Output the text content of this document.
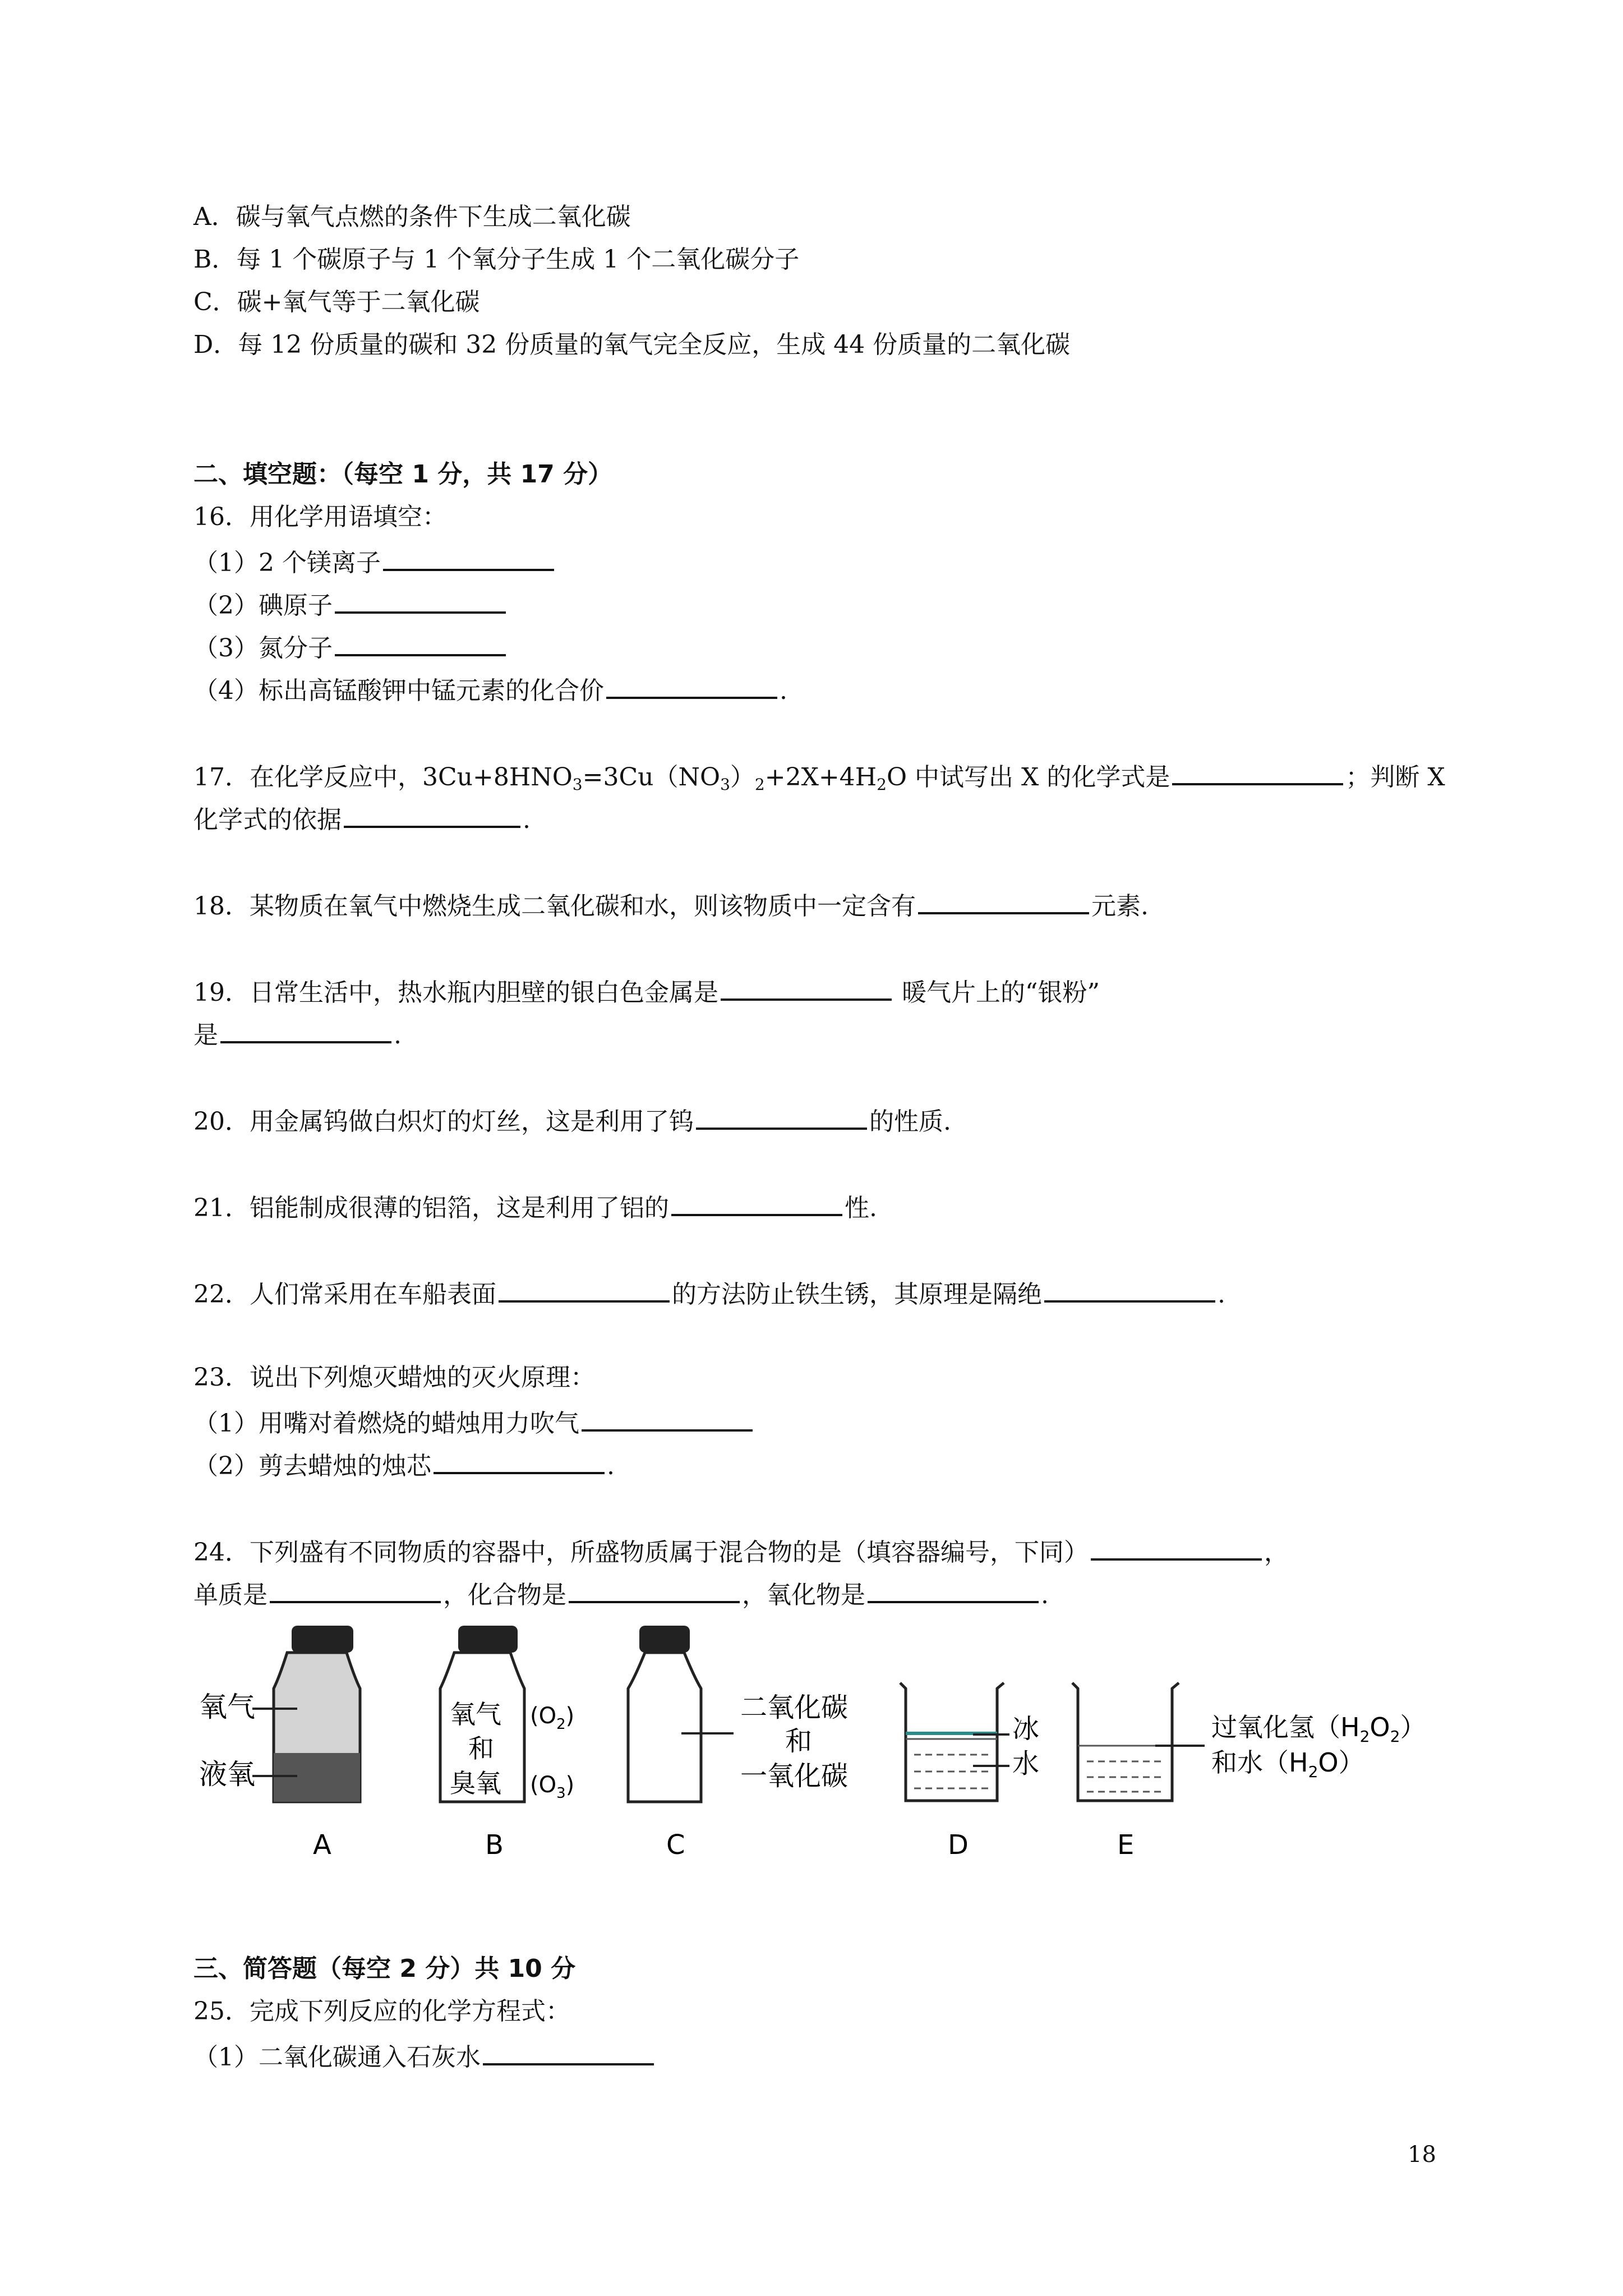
A．碳与氧气点燃的条件下生成二氧化碳
B．每 1 个碳原子与 1 个氧分子生成 1 个二氧化碳分子
C．碳+氧气等于二氧化碳
D．每 12 份质量的碳和 32 份质量的氧气完全反应，生成 44 份质量的二氧化碳
二、填空题：（每空 1 分，共 17 分）
16．用化学用语填空：
（1）2 个镁离子
（2）碘原子
（3）氮分子
（4）标出高锰酸钾中锰元素的化合价	.
17．在化学反应中，$3Cu+8HNO_3=3Cu(NO_3)_2+2X+4H_2O$ 中试写出 X 的化学式是	；判断 X
化学式的依据	.
18．某物质在氧气中燃烧生成二氧化碳和水，则该物质中一定含有	元素.
19．日常生活中，热水瓶内胆壁的银白色金属是	暖气片上的“银粉”
是	.
20．用金属钨做白炽灯的灯丝，这是利用了钨	的性质.
21．铝能制成很薄的铝箔，这是利用了铝的	性.
22．人们常采用在车船表面	的方法防止铁生锈，其原理是隔绝	.
23．说出下列熄灭蜡烛的灭火原理：
（1）用嘴对着燃烧的蜡烛用力吹气
（2）剪去蜡烛的烛芯	.
24．下列盛有不同物质的容器中，所盛物质属于混合物的是（填容器编号，下同）	，
单质是	，化合物是	，氧化物是	.
氧气
液氧
A
氧气
和
臭氧
$(O_2)$
$(O_3)$
B
二氧化碳
和
一氧化碳
C
冰
水
D
过氧化氢$(H_2O_2)$
和水$(H_2O)$
E
三、简答题（每空 2 分）共 10 分
25．完成下列反应的化学方程式：
（1）二氧化碳通入石灰水
18
